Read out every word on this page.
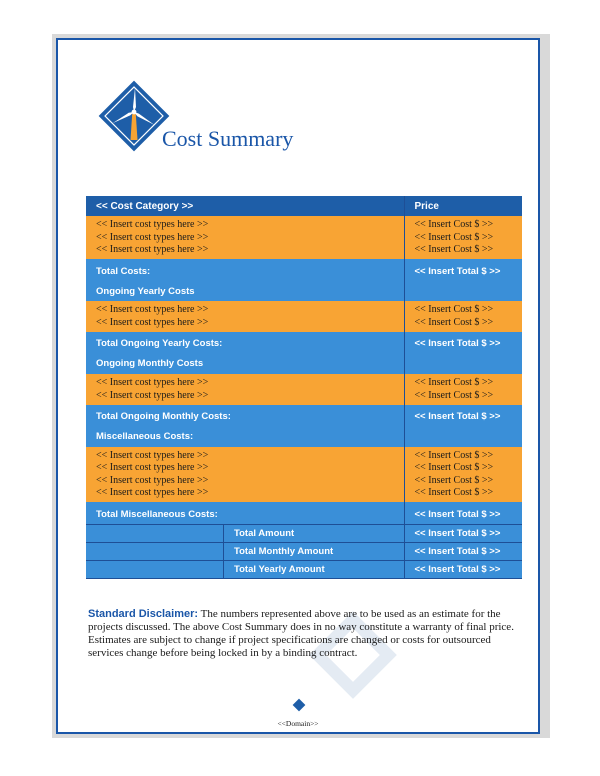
Cost Summary
<< Cost Category >>	Price
<< Insert cost types here >>	<< Insert Cost $ >>
<< Insert cost types here >>	<< Insert Cost $ >>
<< Insert cost types here >>	<< Insert Cost $ >>
Total Costs:	<< Insert Total $ >>
Ongoing Yearly Costs	
<< Insert cost types here >>	<< Insert Cost $ >>
<< Insert cost types here >>	<< Insert Cost $ >>
Total Ongoing Yearly Costs:	<< Insert Total $ >>
Ongoing Monthly Costs	
<< Insert cost types here >>	<< Insert Cost $ >>
<< Insert cost types here >>	<< Insert Cost $ >>
Total Ongoing Monthly Costs:	<< Insert Total $ >>
Miscellaneous Costs:	
<< Insert cost types here >>	<< Insert Cost $ >>
<< Insert cost types here >>	<< Insert Cost $ >>
<< Insert cost types here >>	<< Insert Cost $ >>
<< Insert cost types here >>	<< Insert Cost $ >>
Total Miscellaneous Costs:	<< Insert Total $ >>

Total Amount	<< Insert Total $ >>

Total Monthly Amount	<< Insert Total $ >>

Total Yearly Amount	<< Insert Total $ >>
Standard Disclaimer: The numbers represented above are to be used as an estimate for the projects discussed. The above Cost Summary does in no way constitute a warranty of final price. Estimates are subject to change if project specifications are changed or costs for outsourced services change before being locked in by a binding contract.
<<Domain>>
